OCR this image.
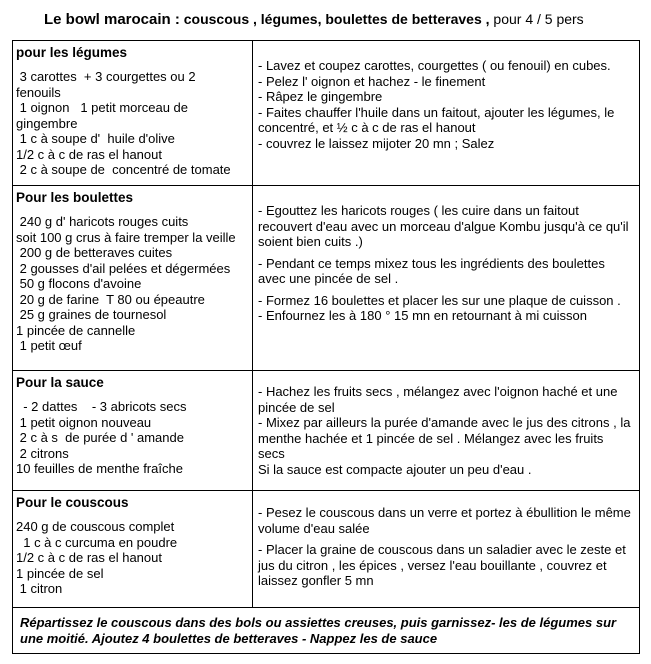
Le bowl marocain : couscous , légumes, boulettes de betteraves , pour 4 / 5 pers
pour les légumes
3 carottes  + 3 courgettes ou 2
fenouils
1 oignon   1 petit morceau de
gingembre
1 c à soupe d'  huile d'olive
1/2 c à c de ras el hanout
2 c à soupe de  concentré de tomate

- Lavez et coupez carottes, courgettes ( ou fenouil) en cubes.

- Pelez l' oignon et hachez - le finement

- Râpez le gingembre

- Faites chauffer l'huile dans un faitout, ajouter les légumes, le concentré, et ½ c à c de ras el hanout

- couvrez le laissez mijoter 20 mn ; Salez

Pour les boulettes
240 g d' haricots rouges cuits
soit 100 g crus à faire tremper la veille
200 g de betteraves cuites
2 gousses d'ail pelées et dégermées
50 g flocons d'avoine
20 g de farine  T 80 ou épeautre
25 g graines de tournesol
1 pincée de cannelle
1 petit œuf

- Egouttez les haricots rouges ( les cuire dans un faitout recouvert d'eau avec un morceau d'algue Kombu jusqu'à ce qu'il soient bien cuits .)

- Pendant ce temps mixez tous les ingrédients des boulettes avec une pincée de sel .

- Formez 16 boulettes et placer les sur une plaque de cuisson .

- Enfournez les à 180 ° 15 mn en retournant à mi cuisson

Pour la sauce
- 2 dattes    - 3 abricots secs
1 petit oignon nouveau
2 c à s  de purée d ' amande
2 citrons
10 feuilles de menthe fraîche

- Hachez les fruits secs , mélangez avec l'oignon haché et une pincée de sel

- Mixez par ailleurs la purée d'amande avec le jus des citrons , la menthe hachée et 1 pincée de sel . Mélangez avec les fruits secs

Si la sauce est compacte ajouter un peu d'eau .

Pour le couscous
240 g de couscous complet
1 c à c curcuma en poudre
1/2 c à c de ras el hanout
1 pincée de sel
1 citron

- Pesez le couscous dans un verre et portez à ébullition le même volume d'eau salée

- Placer la graine de couscous dans un saladier avec le zeste et jus du citron , les épices , versez l'eau bouillante , couvrez et laissez gonfler 5 mn

Répartissez le couscous dans des bols ou assiettes creuses, puis garnissez- les de légumes sur une moitié. Ajoutez 4 boulettes de betteraves - Nappez les de sauce
